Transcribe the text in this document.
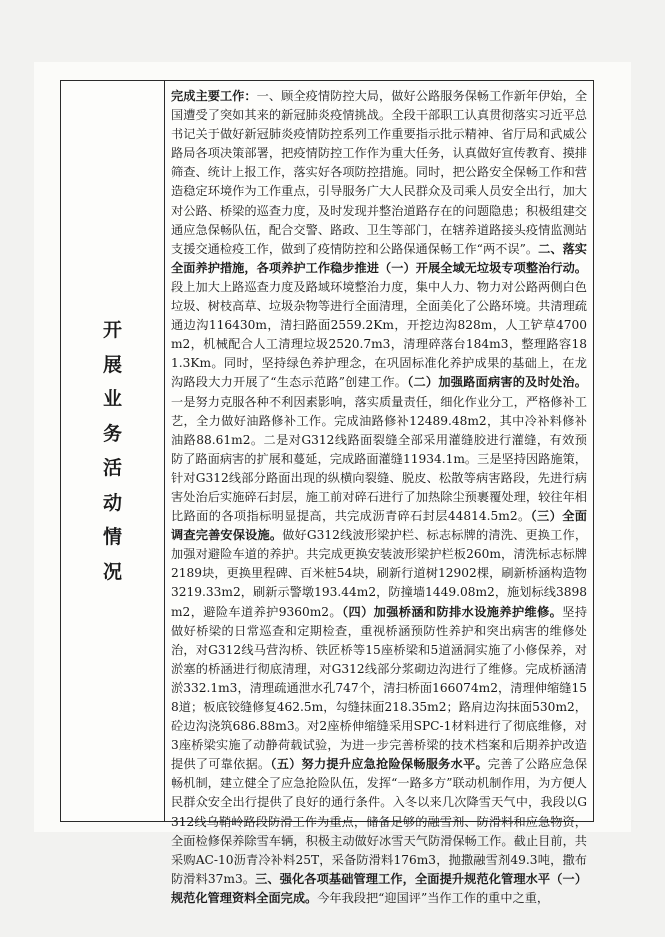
开
展
业
务
活
动
情
况

完成主要工作：一、顾全疫情防控大局，做好公路服务保畅工作新年伊始，全国遭受了突如其来的新冠肺炎疫情挑战。全段干部职工认真贯彻落实习近平总书记关于做好新冠肺炎疫情防控系列工作重要指示批示精神、省厅局和武威公路局各项决策部署，把疫情防控工作作为重大任务，认真做好宣传教育、摸排筛查、统计上报工作，落实好各项防控措施。同时，把公路安全保畅工作和营造稳定环境作为工作重点，引导服务广大人民群众及司乘人员安全出行，加大对公路、桥梁的巡查力度，及时发现并整治道路存在的问题隐患；积极组建交通应急保畅队伍，配合交警、路政、卫生等部门，在辖养道路接头疫情监测站支援交通检疫工作，做到了疫情防控和公路保通保畅工作“两不误”。二、落实全面养护措施，各项养护工作稳步推进（一）开展全域无垃圾专项整治行动。段上加大上路巡查力度及路域环境整治力度，集中人力、物力对公路两侧白色垃圾、树枝高草、垃圾杂物等进行全面清理，全面美化了公路环境。共清理疏通边沟116430m，清扫路面2559.2Km，开挖边沟828m，人工铲草4700m2，机械配合人工清理垃圾2520.7m3，清理碎落台184m3，整理路容181.3Km。同时，坚持绿色养护理念，在巩固标准化养护成果的基础上，在龙沟路段大力开展了“生态示范路”创建工作。（二）加强路面病害的及时处治。一是努力克服各种不利因素影响，落实质量责任，细化作业分工，严格修补工艺，全力做好油路修补工作。完成油路修补12489.48m2，其中冷补料修补油路88.61m2。二是对G312线路面裂缝全部采用灌缝胶进行灌缝，有效预防了路面病害的扩展和蔓延，完成路面灌缝11934.1m。三是坚持因路施策，针对G312线部分路面出现的纵横向裂缝、脱皮、松散等病害路段，先进行病害处治后实施碎石封层，施工前对碎石进行了加热除尘预裹覆处理，较往年相比路面的各项指标明显提高，共完成沥青碎石封层44814.5m2。（三）全面调查完善安保设施。做好G312线波形梁护栏、标志标牌的清洗、更换工作，加强对避险车道的养护。共完成更换安装波形梁护栏板260m，清洗标志标牌2189块，更换里程碑、百米桩54块，刷新行道树12902棵，刷新桥涵构造物3219.33m2，刷新示警墩193.44m2，防撞墙1449.08m2，施划标线3898m2，避险车道养护9360m2。（四）加强桥涵和防排水设施养护维修。坚持做好桥梁的日常巡查和定期检查，重视桥涵预防性养护和突出病害的维修处治，对G312线马营沟桥、铁匠桥等15座桥梁和5道涵洞实施了小修保养，对淤塞的桥涵进行彻底清理，对G312线部分浆砌边沟进行了维修。完成桥涵清淤332.1m3，清理疏通泄水孔747个，清扫桥面166074m2，清理伸缩缝158道；板底铰缝修复462.5m，勾缝抹面218.35m2；路肩边沟抹面530m2，砼边沟浇筑686.88m3。对2座桥伸缩缝采用SPC-1材料进行了彻底维修，对3座桥梁实施了动静荷载试验，为进一步完善桥梁的技术档案和后期养护改造提供了可靠依据。（五）努力提升应急抢险保畅服务水平。完善了公路应急保畅机制，建立健全了应急抢险队伍，发挥“一路多方”联动机制作用，为方便人民群众安全出行提供了良好的通行条件。入冬以来几次降雪天气中，我段以G312线乌鞘岭路段防滑工作为重点，储备足够的融雪剂、防滑料和应急物资，全面检修保养除雪车辆，积极主动做好冰雪天气防滑保畅工作。截止目前，共采购AC-10沥青冷补料25T，采备防滑料176m3，抛撒融雪剂49.3吨，撒布防滑料37m3。三、强化各项基础管理工作，全面提升规范化管理水平（一）规范化管理资料全面完成。今年我段把“迎国评”当作工作的重中之重，
